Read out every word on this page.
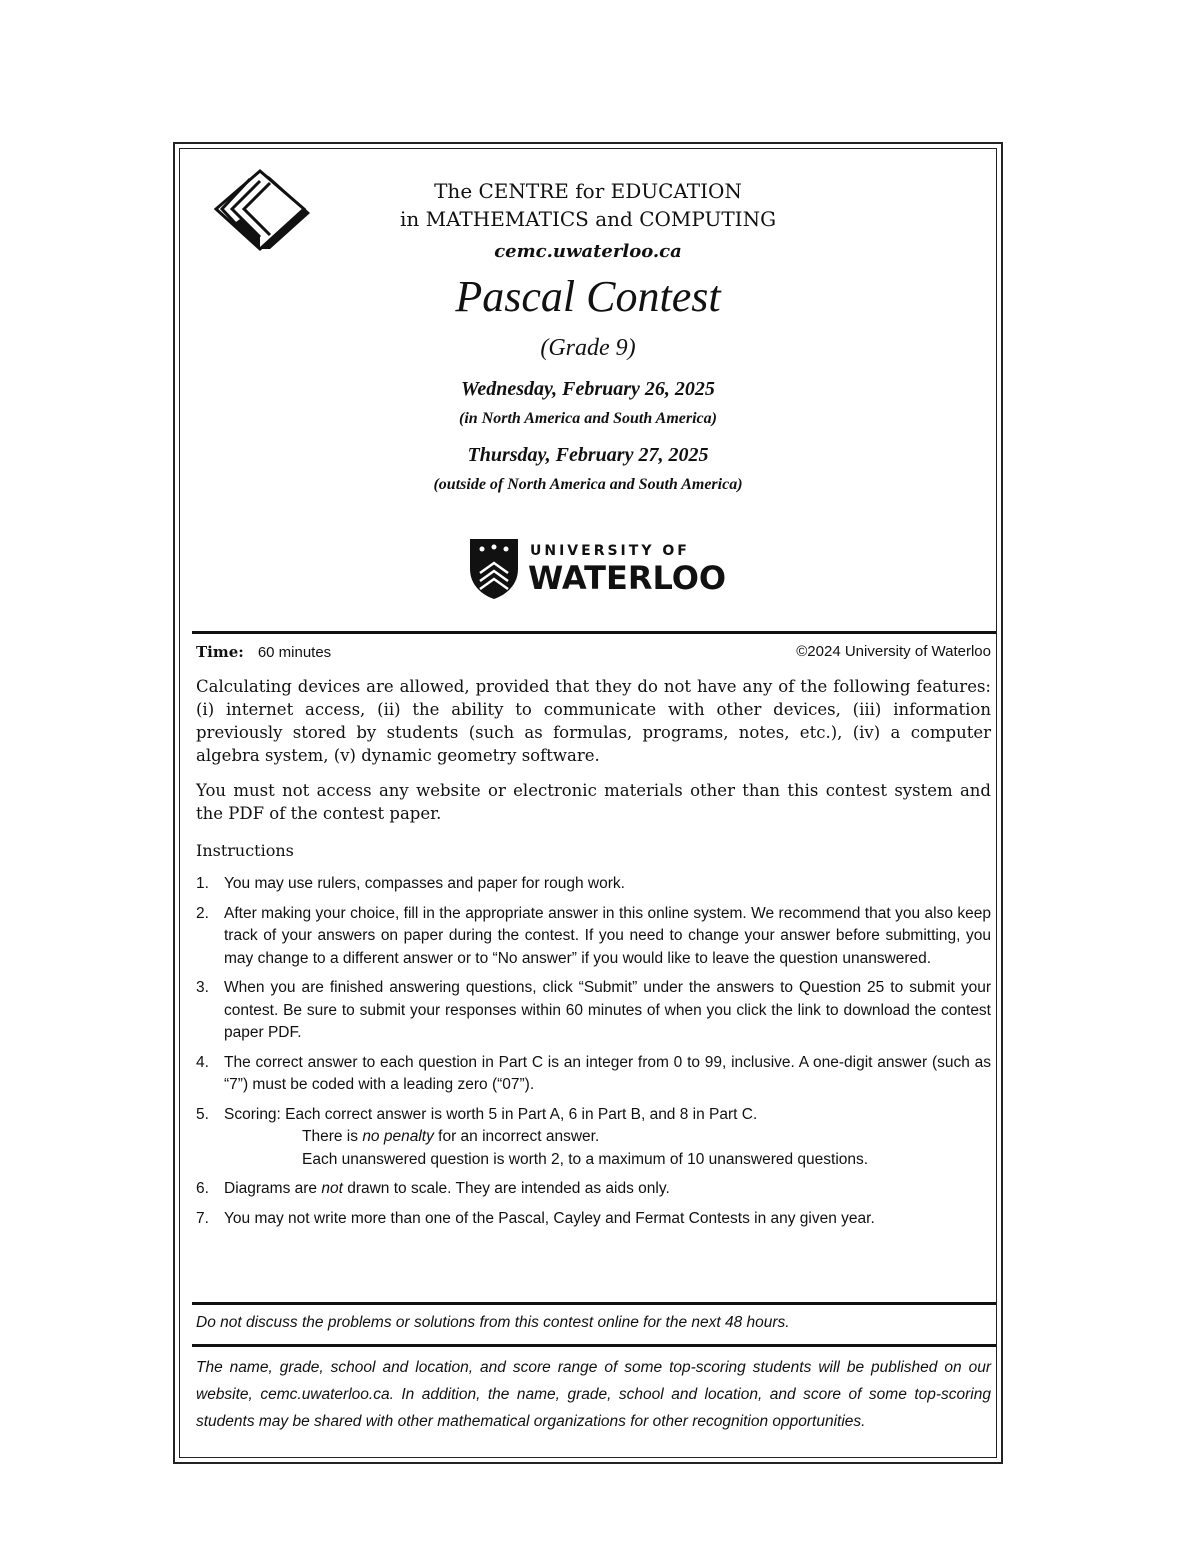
The CENTRE for EDUCATION
in MATHEMATICS and COMPUTING
cemc.uwaterloo.ca
Pascal Contest
(Grade 9)
Wednesday, February 26, 2025
(in North America and South America)
Thursday, February 27, 2025
(outside of North America and South America)
UNIVERSITY OF
WATERLOO
Time: 60 minutes	©2024 University of Waterloo
Calculating devices are allowed, provided that they do not have any of the following features: (i) internet access, (ii) the ability to communicate with other devices, (iii) information previously stored by students (such as formulas, programs, notes, etc.), (iv) a computer algebra system, (v) dynamic geometry software.
You must not access any website or electronic materials other than this contest system and the PDF of the contest paper.
Instructions
1. You may use rulers, compasses and paper for rough work.
2. After making your choice, fill in the appropriate answer in this online system. We recommend that you also keep track of your answers on paper during the contest. If you need to change your answer before submitting, you may change to a different answer or to “No answer” if you would like to leave the question unanswered.
3. When you are finished answering questions, click “Submit” under the answers to Question 25 to submit your contest. Be sure to submit your responses within 60 minutes of when you click the link to download the contest paper PDF.
4. The correct answer to each question in Part C is an integer from 0 to 99, inclusive. A one-digit answer (such as “7”) must be coded with a leading zero (“07”).
5. Scoring: Each correct answer is worth 5 in Part A, 6 in Part B, and 8 in Part C.
There is no penalty for an incorrect answer.
Each unanswered question is worth 2, to a maximum of 10 unanswered questions.
6. Diagrams are not drawn to scale. They are intended as aids only.
7. You may not write more than one of the Pascal, Cayley and Fermat Contests in any given year.
Do not discuss the problems or solutions from this contest online for the next 48 hours.
The name, grade, school and location, and score range of some top-scoring students will be published on our website, cemc.uwaterloo.ca. In addition, the name, grade, school and location, and score of some top-scoring students may be shared with other mathematical organizations for other recognition opportunities.
